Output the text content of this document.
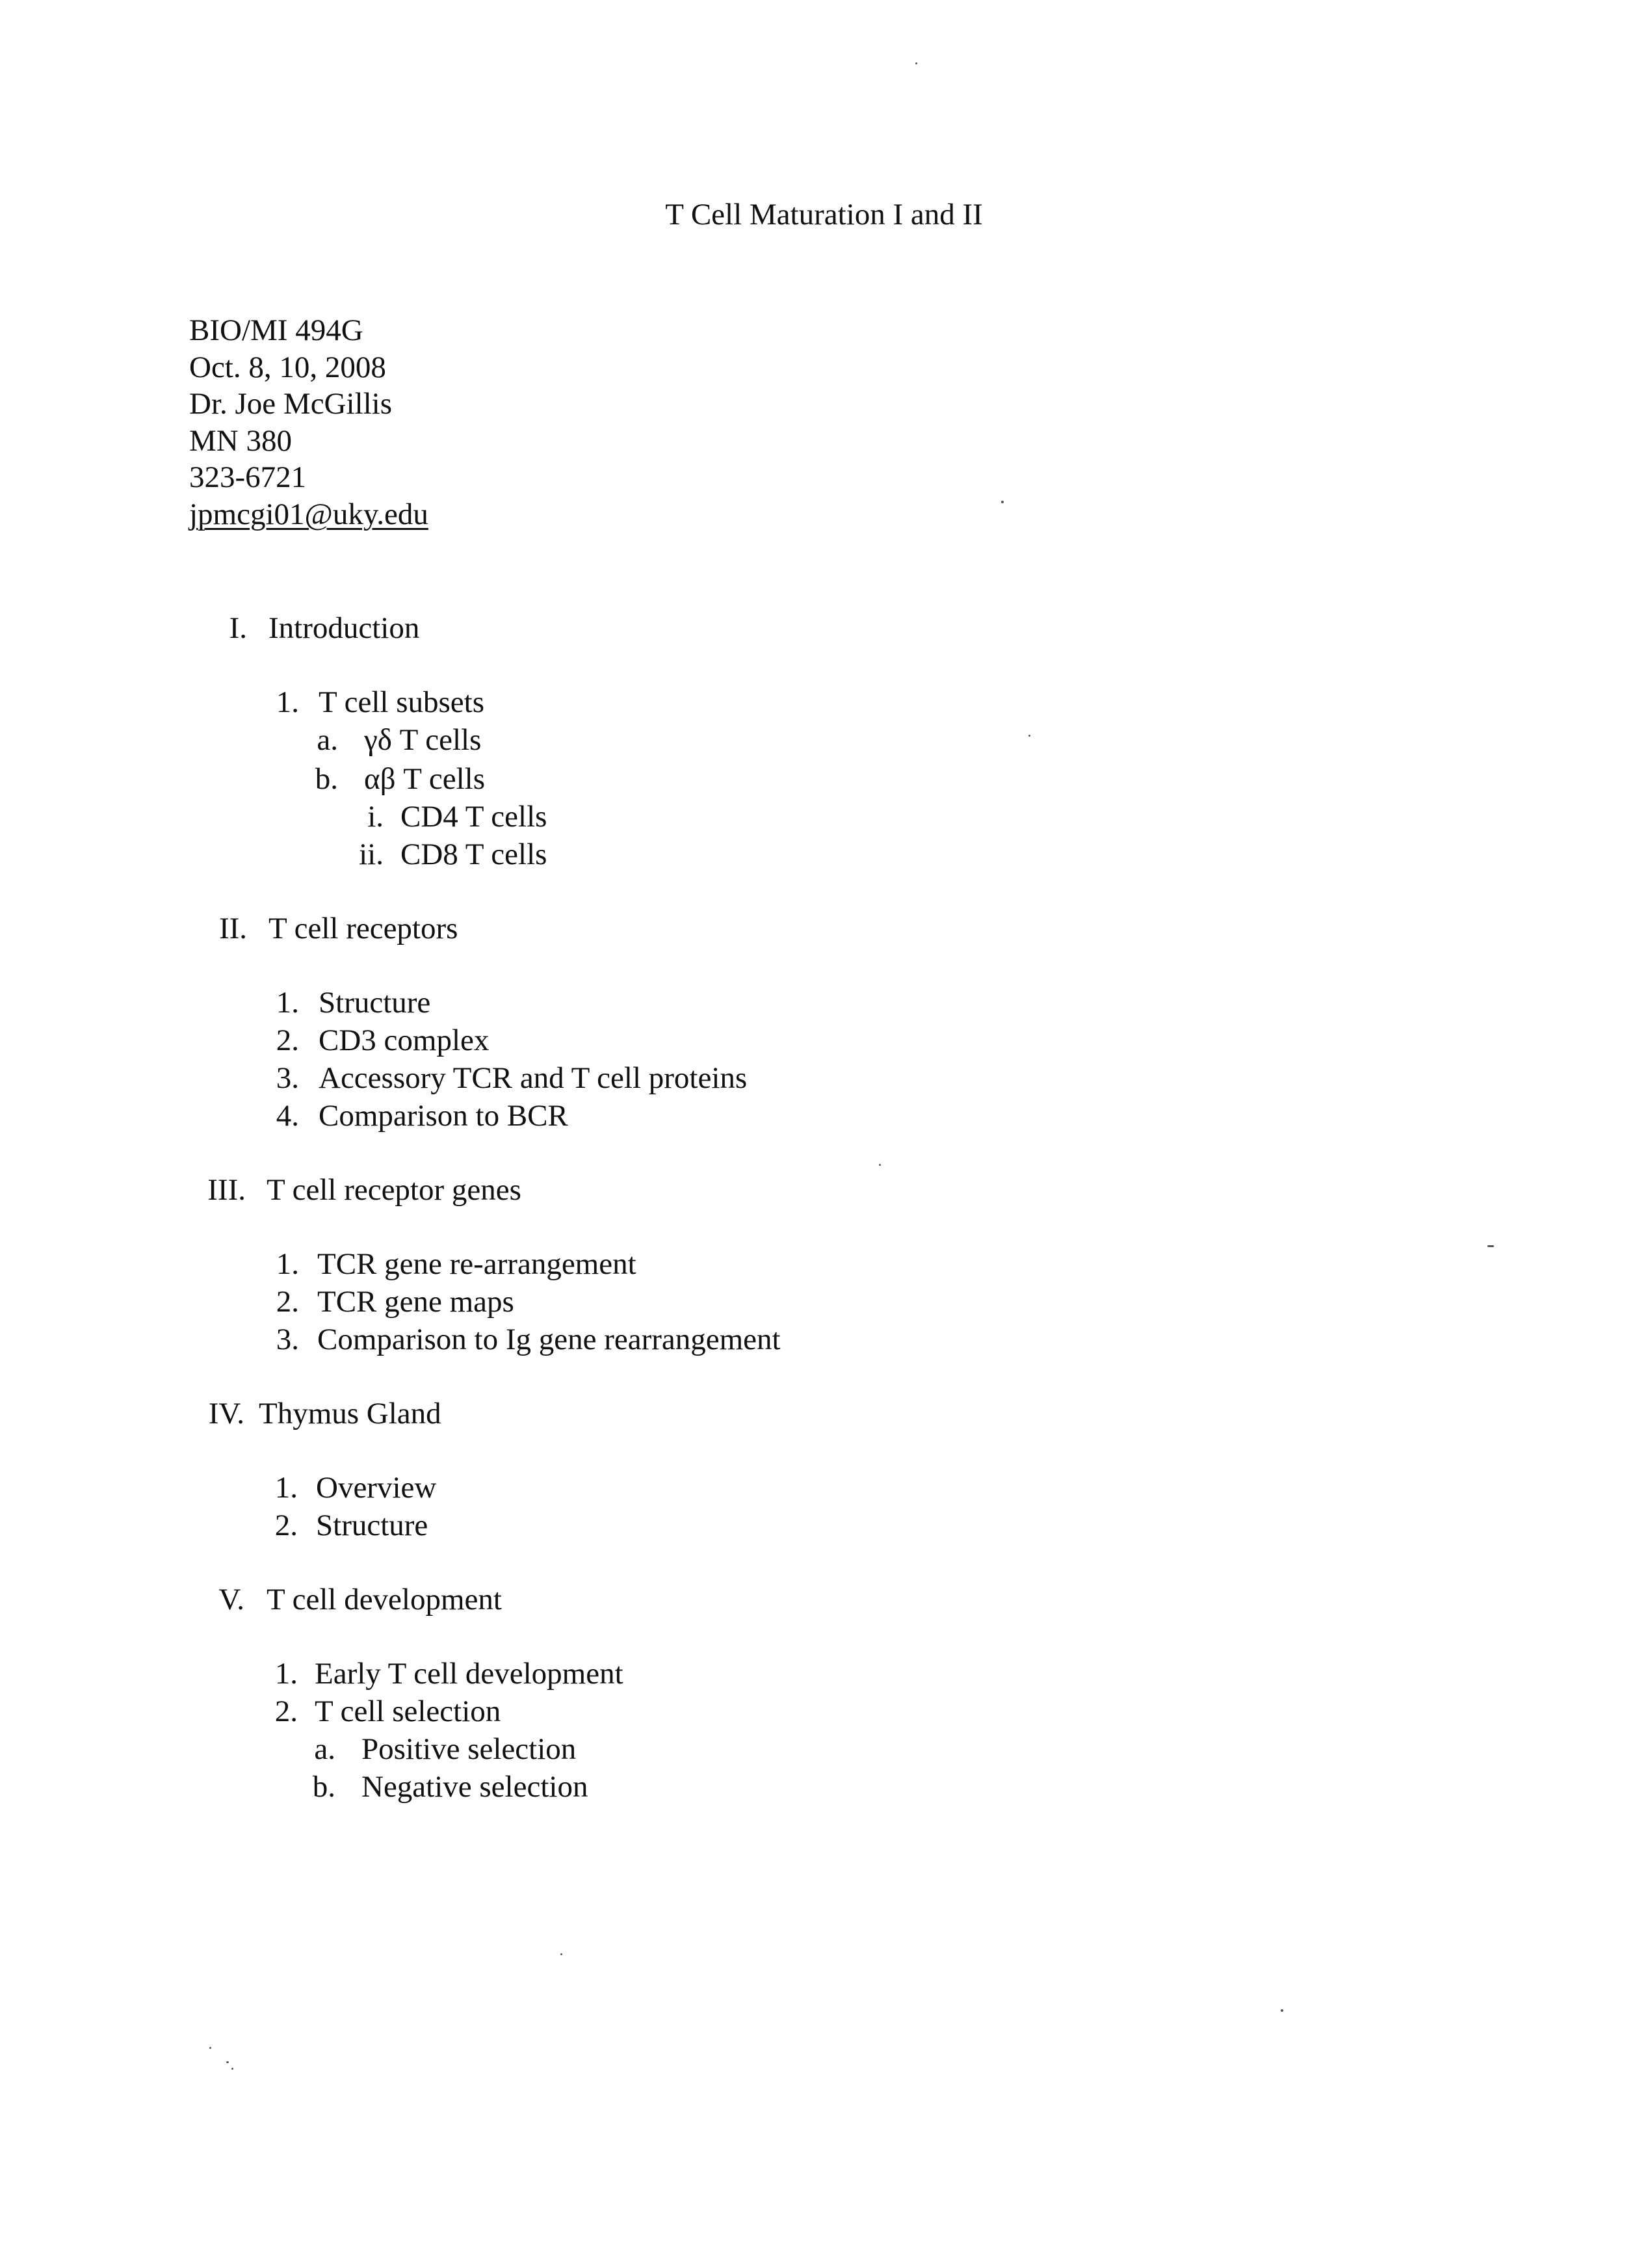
T Cell Maturation I and II
BIO/MI 494G
Oct. 8, 10, 2008
Dr. Joe McGillis
MN 380
323-6721
jpmcgi01@uky.edu
I. Introduction
1. T cell subsets
a. γδ T cells
b. αβ T cells
i. CD4 T cells
ii. CD8 T cells
II. T cell receptors
1. Structure
2. CD3 complex
3. Accessory TCR and T cell proteins
4. Comparison to BCR
III. T cell receptor genes
1. TCR gene re-arrangement
2. TCR gene maps
3. Comparison to Ig gene rearrangement
IV. Thymus Gland
1. Overview
2. Structure
V. T cell development
1. Early T cell development
2. T cell selection
a. Positive selection
b. Negative selection
